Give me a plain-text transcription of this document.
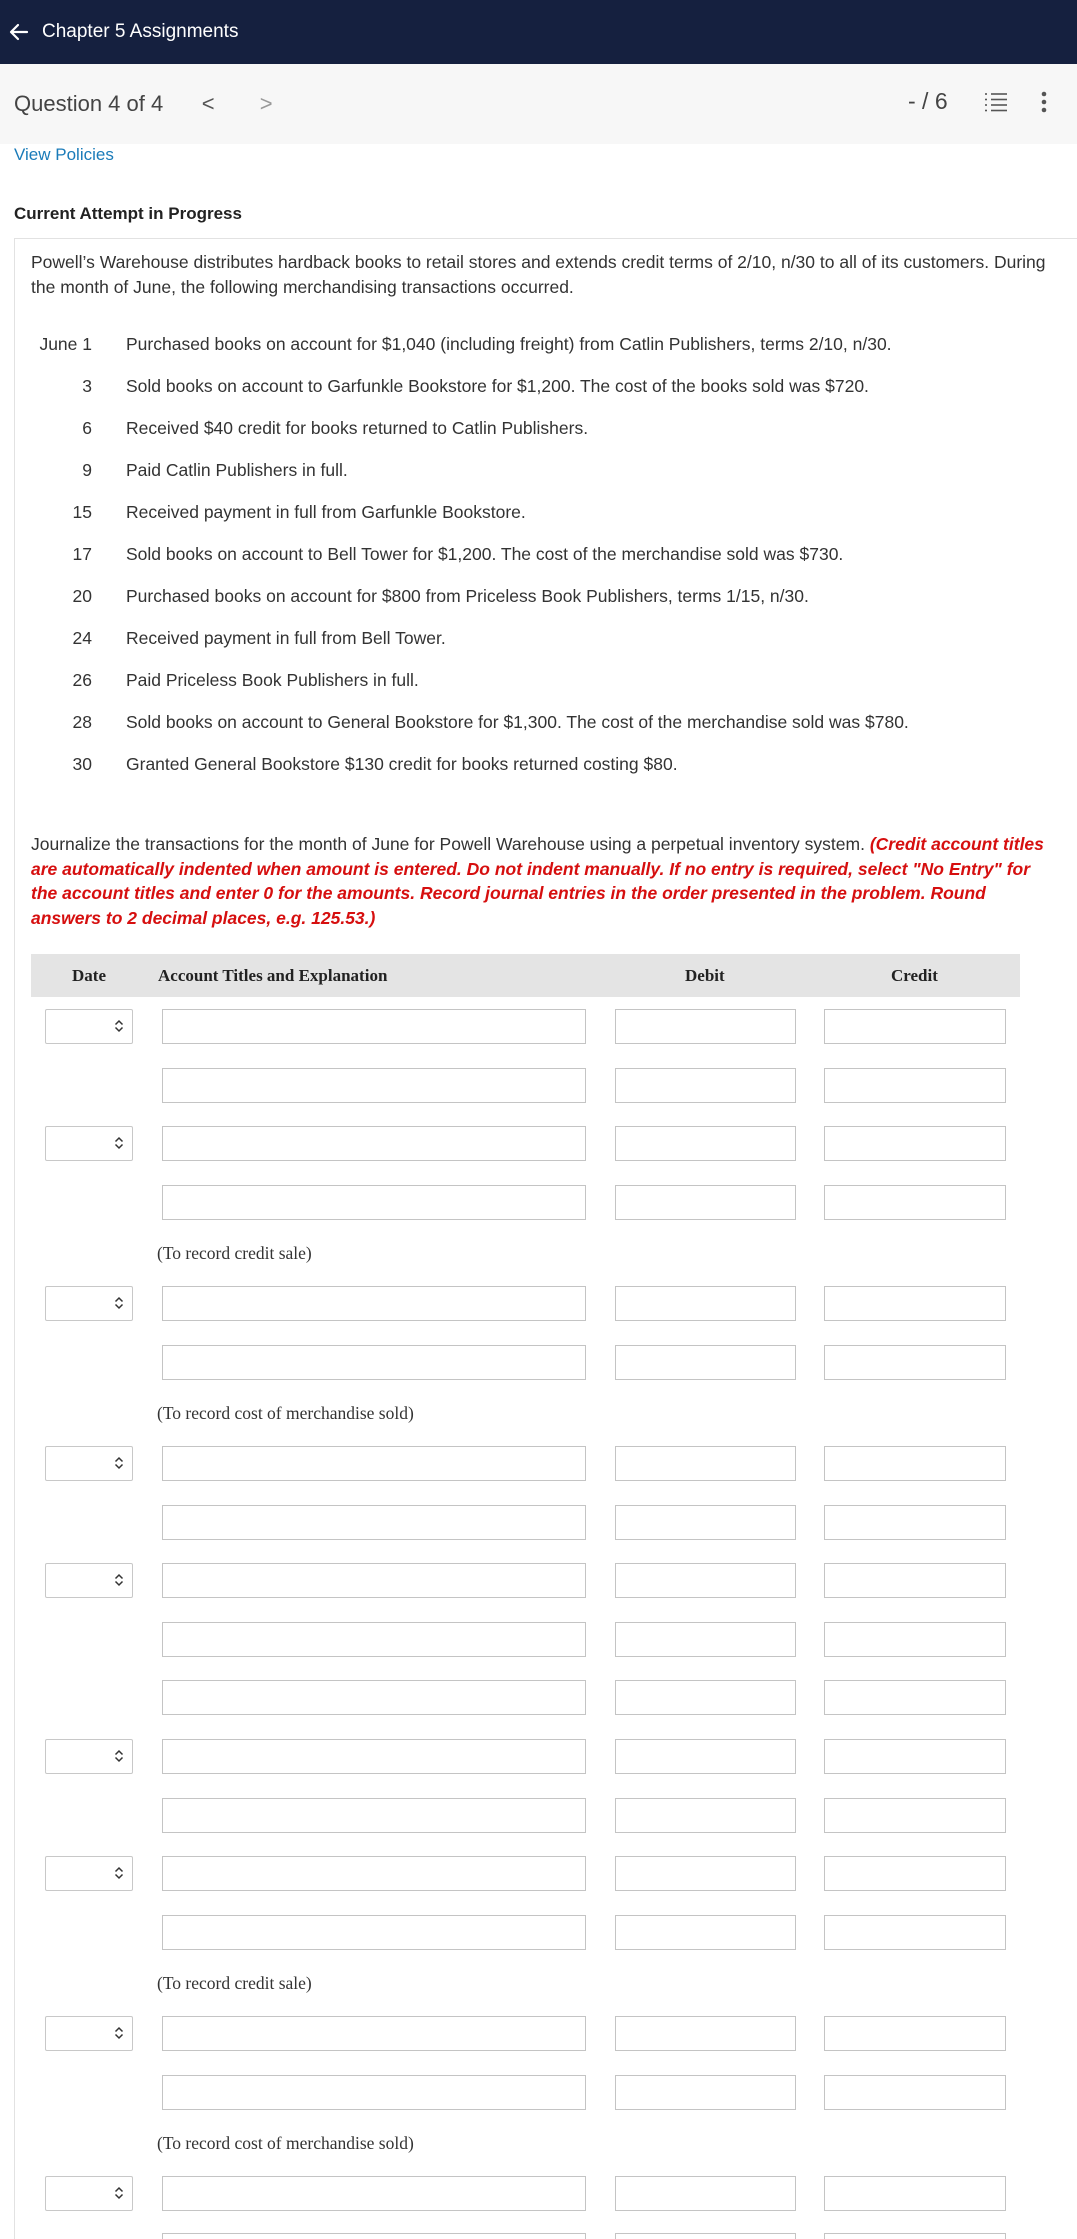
Chapter 5 Assignments
Question 4 of 4	<	>	- / 6
View Policies
Current Attempt in Progress
Powell’s Warehouse distributes hardback books to retail stores and extends credit terms of 2/10, n/30 to all of its customers. During the month of June, the following merchandising transactions occurred.
June 1 Purchased books on account for $1,040 (including freight) from Catlin Publishers, terms 2/10, n/30.
3 Sold books on account to Garfunkle Bookstore for $1,200. The cost of the books sold was $720.
6 Received $40 credit for books returned to Catlin Publishers.
9 Paid Catlin Publishers in full.
15 Received payment in full from Garfunkle Bookstore.
17 Sold books on account to Bell Tower for $1,200. The cost of the merchandise sold was $730.
20 Purchased books on account for $800 from Priceless Book Publishers, terms 1/15, n/30.
24 Received payment in full from Bell Tower.
26 Paid Priceless Book Publishers in full.
28 Sold books on account to General Bookstore for $1,300. The cost of the merchandise sold was $780.
30 Granted General Bookstore $130 credit for books returned costing $80.
Journalize the transactions for the month of June for Powell Warehouse using a perpetual inventory system. (Credit account titles are automatically indented when amount is entered. Do not indent manually. If no entry is required, select "No Entry" for the account titles and enter 0 for the amounts. Record journal entries in the order presented in the problem. Round answers to 2 decimal places, e.g. 125.53.)
Date	Account Titles and Explanation	Debit	Credit
(To record credit sale)
(To record cost of merchandise sold)
(To record credit sale)
(To record cost of merchandise sold)
